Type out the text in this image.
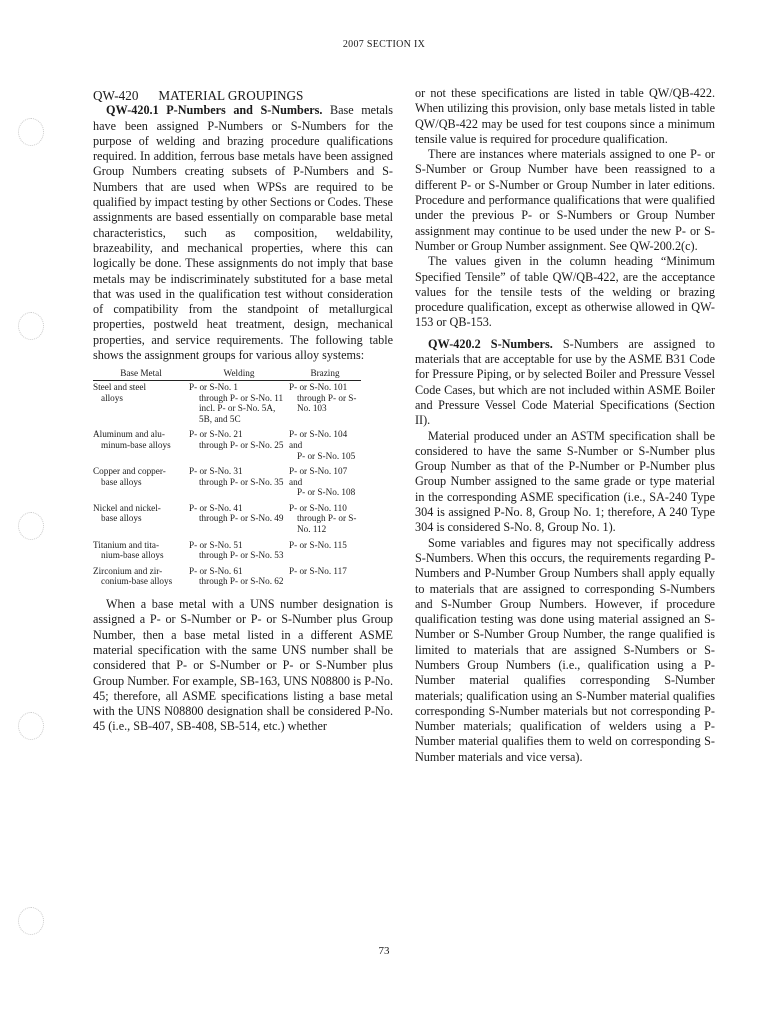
2007 SECTION IX

QW-420 MATERIAL GROUPINGS

QW-420.1 P-Numbers and S-Numbers. Base metals have been assigned P-Numbers or S-Numbers for the purpose of welding and brazing procedure qualifications required. In addition, ferrous base metals have been assigned Group Numbers creating subsets of P-Numbers and S-Numbers that are used when WPSs are required to be qualified by impact testing by other Sections or Codes. These assignments are based essentially on comparable base metal characteristics, such as composition, weldability, brazeability, and mechanical properties, where this can logically be done. These assignments do not imply that base metals may be indiscriminately substituted for a base metal that was used in the qualification test without consideration of compatibility from the standpoint of metallurgical properties, postweld heat treatment, design, mechanical properties, and service requirements. The following table shows the assignment groups for various alloy systems:

Base Metal	Welding	Brazing
Steel and steel
alloys	P- or S-No. 1
through P- or S-No. 11 incl. P- or S-No. 5A, 5B, and 5C	P- or S-No. 101
through P- or S-No. 103

Aluminum and alu-
minum-base alloys	P- or S-No. 21
through P- or S-No. 25	P- or S-No. 104 and
P- or S-No. 105

Copper and copper-
base alloys	P- or S-No. 31
through P- or S-No. 35	P- or S-No. 107 and
P- or S-No. 108

Nickel and nickel-
base alloys	P- or S-No. 41
through P- or S-No. 49	P- or S-No. 110
through P- or S-No. 112

Titanium and tita-
nium-base alloys	P- or S-No. 51
through P- or S-No. 53	P- or S-No. 115

Zirconium and zir-
conium-base alloys	P- or S-No. 61
through P- or S-No. 62	P- or S-No. 117

When a base metal with a UNS number designation is assigned a P- or S-Number or P- or S-Number plus Group Number, then a base metal listed in a different ASME material specification with the same UNS number shall be considered that P- or S-Number or P- or S-Number plus Group Number. For example, SB-163, UNS N08800 is P-No. 45; therefore, all ASME specifications listing a base metal with the UNS N08800 designation shall be considered P-No. 45 (i.e., SB-407, SB-408, SB-514, etc.) whether

or not these specifications are listed in table QW/QB-422. When utilizing this provision, only base metals listed in table QW/QB-422 may be used for test coupons since a minimum tensile value is required for procedure qualification.

There are instances where materials assigned to one P- or S-Number or Group Number have been reassigned to a different P- or S-Number or Group Number in later editions. Procedure and performance qualifications that were qualified under the previous P- or S-Numbers or Group Number assignment may continue to be used under the new P- or S-Number or Group Number assignment. See QW-200.2(c).

The values given in the column heading “Minimum Specified Tensile” of table QW/QB-422, are the acceptance values for the tensile tests of the welding or brazing procedure qualification, except as otherwise allowed in QW-153 or QB-153.

QW-420.2 S-Numbers. S-Numbers are assigned to materials that are acceptable for use by the ASME B31 Code for Pressure Piping, or by selected Boiler and Pressure Vessel Code Cases, but which are not included within ASME Boiler and Pressure Vessel Code Material Specifications (Section II).

Material produced under an ASTM specification shall be considered to have the same S-Number or S-Number plus Group Number as that of the P-Number or P-Number plus Group Number assigned to the same grade or type material in the corresponding ASME specification (i.e., SA-240 Type 304 is assigned P-No. 8, Group No. 1; therefore, A 240 Type 304 is considered S-No. 8, Group No. 1).

Some variables and figures may not specifically address S-Numbers. When this occurs, the requirements regarding P-Numbers and P-Number Group Numbers shall apply equally to materials that are assigned to corresponding S-Numbers and S-Number Group Numbers. However, if procedure qualification testing was done using material assigned an S-Number or S-Number Group Number, the range qualified is limited to materials that are assigned S-Numbers or S-Numbers Group Numbers (i.e., qualification using a P-Number material qualifies corresponding S-Number materials; qualification using an S-Number material qualifies corresponding S-Number materials but not corresponding P-Number materials; qualification of welders using a P-Number material qualifies them to weld on corresponding S-Number materials and vice versa).

73
